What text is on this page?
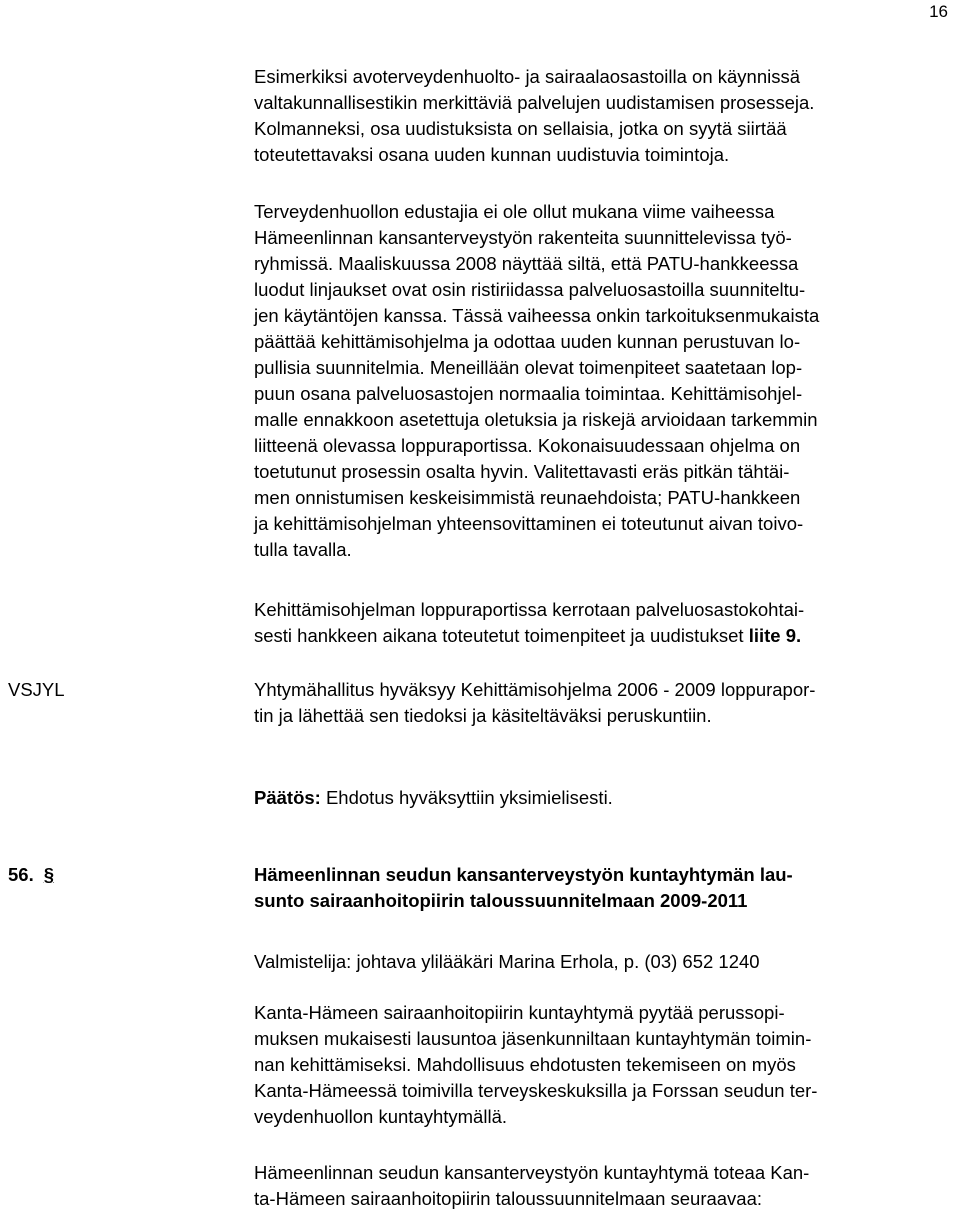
16
Esimerkiksi avoterveydenhuolto- ja sairaalaosastoilla on käynnissä
valtakunnallisestikin merkittäviä palvelujen uudistamisen prosesseja.
Kolmanneksi, osa uudistuksista on sellaisia, jotka on syytä siirtää
toteutettavaksi osana uuden kunnan uudistuvia toimintoja.
Terveydenhuollon edustajia ei ole ollut mukana viime vaiheessa
Hämeenlinnan kansanterveystyön rakenteita suunnittelevissa työ-
ryhmissä. Maaliskuussa 2008 näyttää siltä, että PATU-hankkeessa
luodut linjaukset ovat osin ristiriidassa palveluosastoilla suunniteltu-
jen käytäntöjen kanssa. Tässä vaiheessa onkin tarkoituksenmukaista
päättää kehittämisohjelma ja odottaa uuden kunnan perustuvan lo-
pullisia suunnitelmia. Meneillään olevat toimenpiteet saatetaan lop-
puun osana palveluosastojen normaalia toimintaa. Kehittämisohjel-
malle ennakkoon asetettuja oletuksia ja riskejä arvioidaan tarkemmin
liitteenä olevassa loppuraportissa. Kokonaisuudessaan ohjelma on
toetutunut prosessin osalta hyvin. Valitettavasti eräs pitkän tähtäi-
men onnistumisen keskeisimmistä reunaehdoista; PATU-hankkeen
ja kehittämisohjelman yhteensovittaminen ei toteutunut aivan toivo-
tulla tavalla.
Kehittämisohjelman loppuraportissa kerrotaan palveluosastokohtai-
sesti hankkeen aikana toteutetut toimenpiteet ja uudistukset liite 9.
VSJYL	Yhtymähallitus hyväksyy Kehittämisohjelma 2006 - 2009 loppurapor-
tin ja lähettää sen tiedoksi ja käsiteltäväksi peruskuntiin.
Päätös: Ehdotus hyväksyttiin yksimielisesti.
56. §	Hämeenlinnan seudun kansanterveystyön kuntayhtymän lau-
sunto sairaanhoitopiirin taloussuunnitelmaan 2009-2011
Valmistelija: johtava ylilääkäri Marina Erhola, p. (03) 652 1240
Kanta-Hämeen sairaanhoitopiirin kuntayhtymä pyytää perussopi-
muksen mukaisesti lausuntoa jäsenkunniltaan kuntayhtymän toimin-
nan kehittämiseksi. Mahdollisuus ehdotusten tekemiseen on myös
Kanta-Hämeessä toimivilla terveyskeskuksilla ja Forssan seudun ter-
veydenhuollon kuntayhtymällä.
Hämeenlinnan seudun kansanterveystyön kuntayhtymä toteaa Kan-
ta-Hämeen sairaanhoitopiirin taloussuunnitelmaan seuraavaa:
